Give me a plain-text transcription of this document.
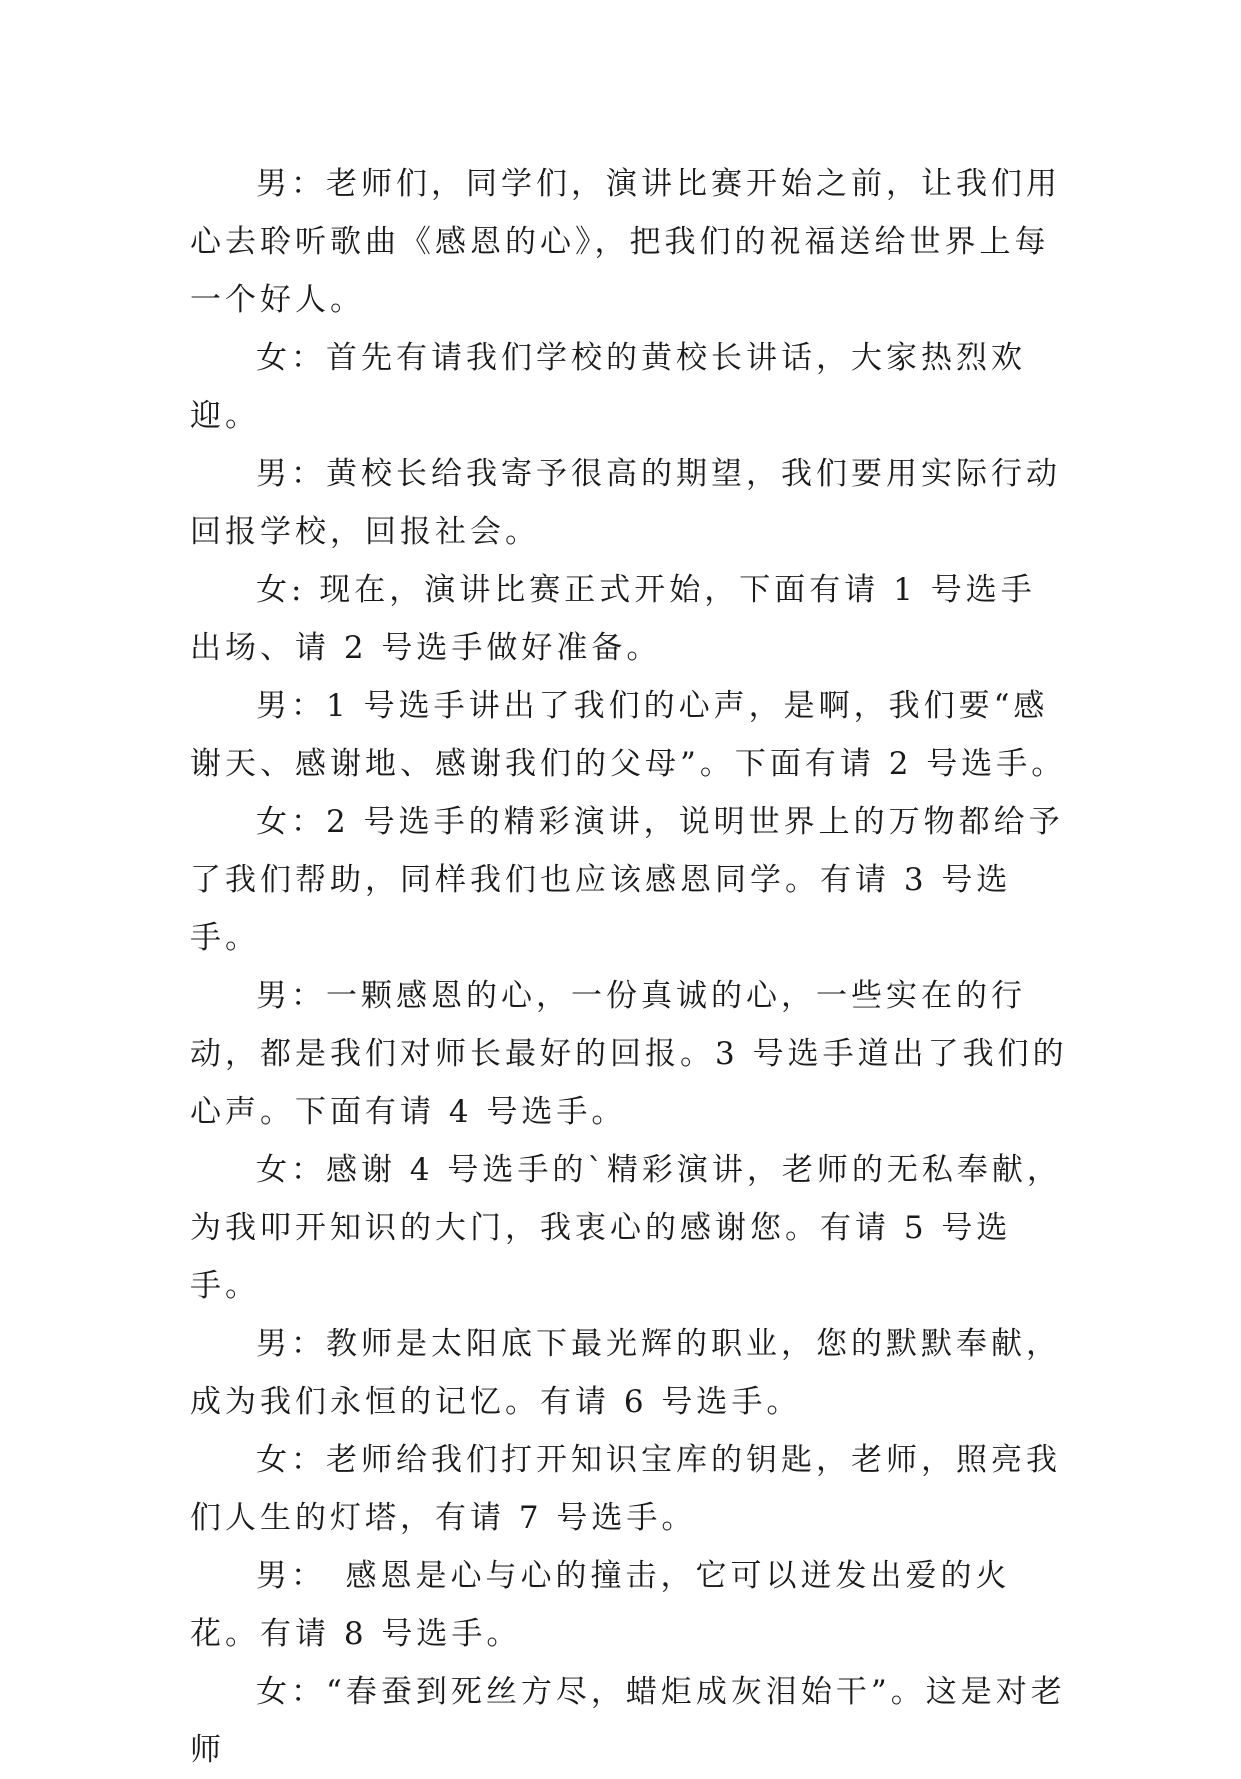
男：老师们，同学们，演讲比赛开始之前，让我们用心去聆听歌曲《感恩的心》，把我们的祝福送给世界上每一个好人。

女：首先有请我们学校的黄校长讲话，大家热烈欢迎。

男：黄校长给我寄予很高的期望，我们要用实际行动回报学校，回报社会。

女: 现在，演讲比赛正式开始，下面有请 1 号选手出场、请 2 号选手做好准备。

男：1 号选手讲出了我们的心声，是啊，我们要“感谢天、感谢地、感谢我们的父母”。下面有请 2 号选手。

女：2 号选手的精彩演讲，说明世界上的万物都给予了我们帮助，同样我们也应该感恩同学。有请 3 号选手。

男：一颗感恩的心，一份真诚的心，一些实在的行动，都是我们对师长最好的回报。3 号选手道出了我们的心声。下面有请 4 号选手。

女：感谢 4 号选手的`精彩演讲，老师的无私奉献，为我叩开知识的大门，我衷心的感谢您。有请 5 号选手。

男：教师是太阳底下最光辉的职业，您的默默奉献，成为我们永恒的记忆。有请 6 号选手。

女：老师给我们打开知识宝库的钥匙，老师，照亮我们人生的灯塔，有请 7 号选手。

男：　感恩是心与心的撞击，它可以迸发出爱的火花。有请 8 号选手。

女：“春蚕到死丝方尽，蜡炬成灰泪始干”。这是对老师
